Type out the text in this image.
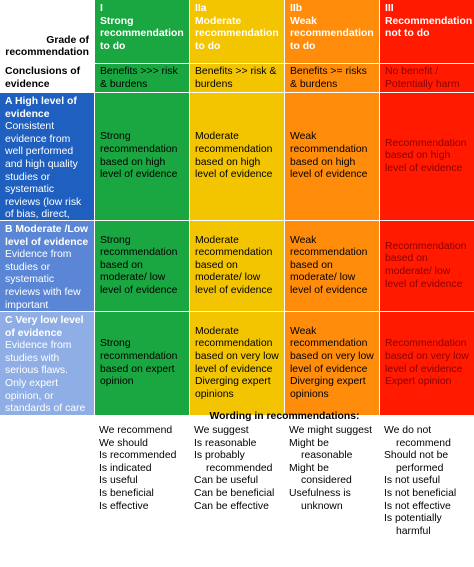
Grade of recommendation
I
Strong recommendation to do
IIa
Moderate recommendation to do
IIb
Weak recommendation to do
III
Recommendation not to do
Conclusions of evidence
Benefits >>> risk & burdens
Benefits >> risk & burdens
Benefits >= risks & burdens
No benefit / Potentially harm
A High level of evidence
Consistent evidence from well performed and high quality studies or systematic reviews (low risk of bias, direct,
Strong recommendation based on high level of evidence
Moderate recommendation based on high level of evidence
Weak recommendation based on high level of evidence
Recommendation based on high level of evidence
B Moderate /Low level of evidence
Evidence from studies or systematic reviews with few important
Strong recommendation based on moderate/ low level of evidence
Moderate recommendation based on moderate/ low level of evidence
Weak recommendation based on moderate/ low level of evidence
Recommendation based on moderate/ low level of evidence
C Very low level of evidence
Evidence from studies with serious flaws. Only expert opinion, or standards of care
Strong recommendation based on expert opinion
Moderate recommendation based on very low level of evidence Diverging expert opinions
Weak recommendation based on very low level of evidence Diverging expert opinions
Recommendation based on very low level of evidence Expert opinion
Wording in recommendations:
We recommend
We should
Is recommended
Is indicated
Is useful
Is beneficial
Is effective
We suggest
Is reasonable
Is probably
recommended
Can be useful
Can be beneficial
Can be effective
We might suggest
Might be
reasonable
Might be
considered
Usefulness is
unknown
We do not
recommend
Should not be
performed
Is not useful
Is not beneficial
Is not effective
Is potentially
harmful
